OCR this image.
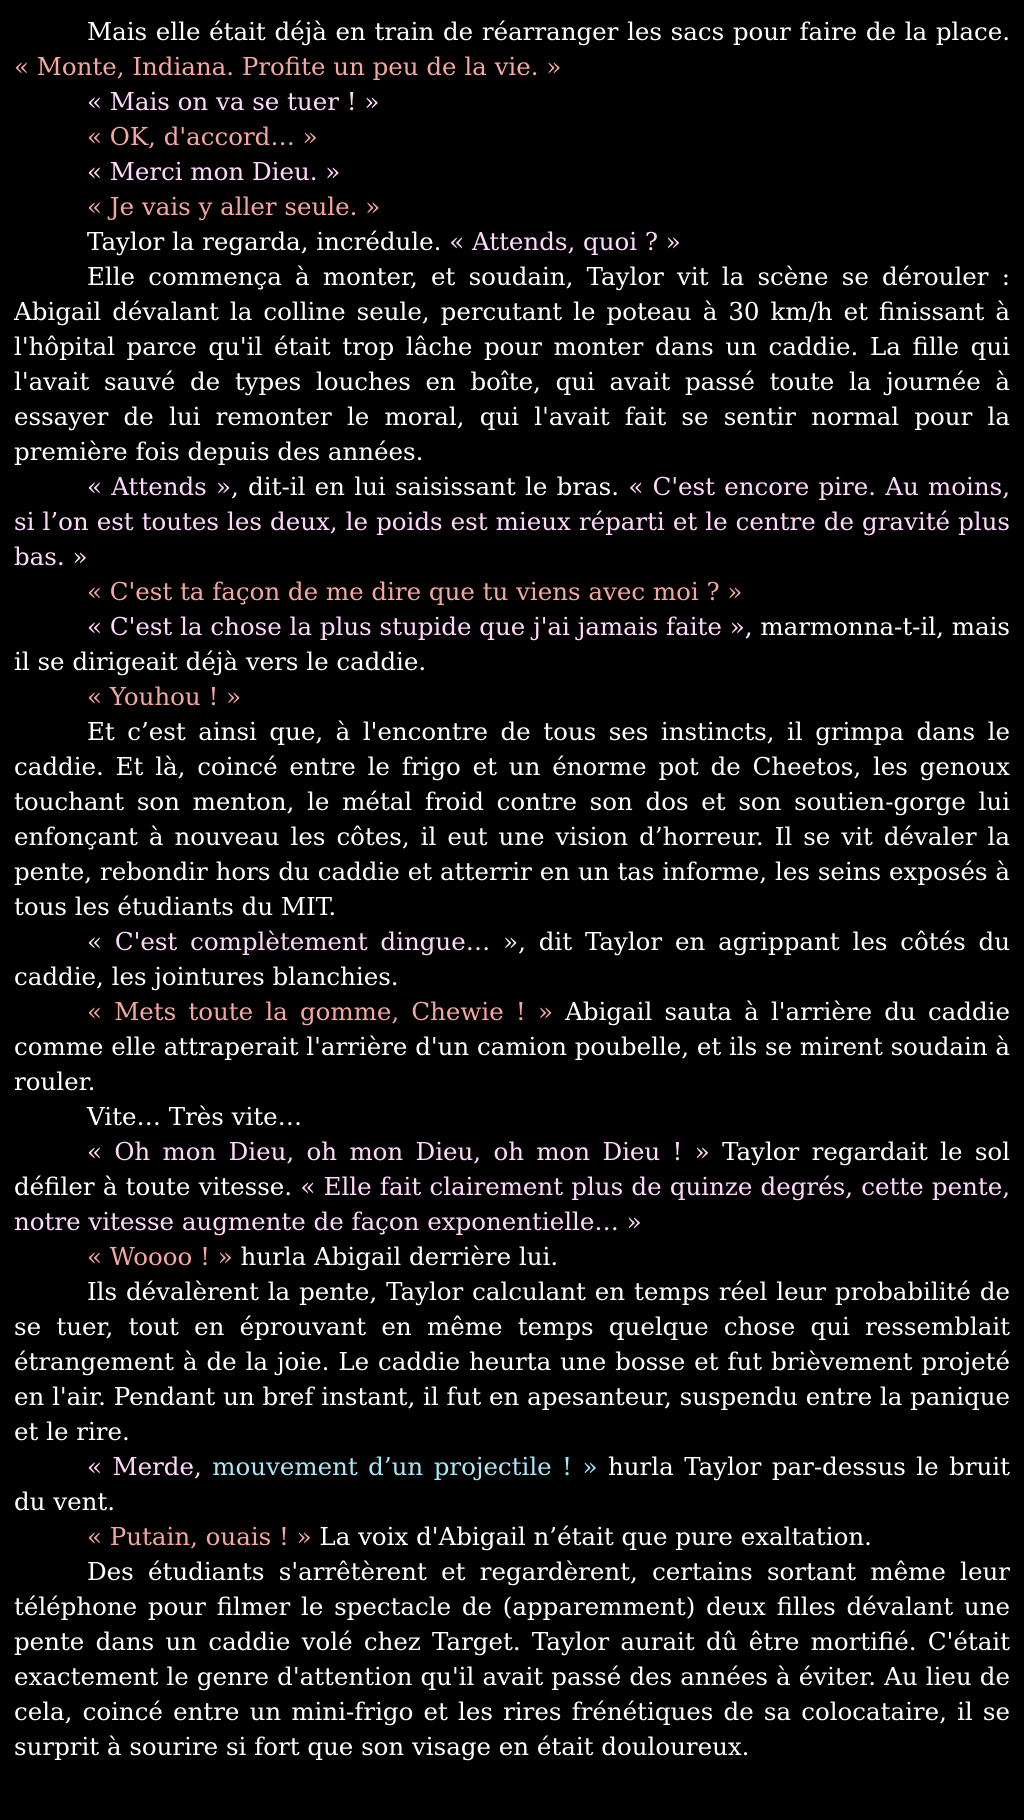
Mais elle était déjà en train de réarranger les sacs pour faire de la place. « Monte, Indiana. Profite un peu de la vie. »

« Mais on va se tuer ! »

« OK, d'accord… »

« Merci mon Dieu. »

« Je vais y aller seule. »

Taylor la regarda, incrédule. « Attends, quoi ? »

Elle commença à monter, et soudain, Taylor vit la scène se dérouler : Abigail dévalant la colline seule, percutant le poteau à 30 km/h et finissant à l'hôpital parce qu'il était trop lâche pour monter dans un caddie. La fille qui l'avait sauvé de types louches en boîte, qui avait passé toute la journée à essayer de lui remonter le moral, qui l'avait fait se sentir normal pour la première fois depuis des années.

« Attends », dit-il en lui saisissant le bras. « C'est encore pire. Au moins, si l’on est toutes les deux, le poids est mieux réparti et le centre de gravité plus bas. »

« C'est ta façon de me dire que tu viens avec moi ? »

« C'est la chose la plus stupide que j'ai jamais faite », marmonna-t-il, mais il se dirigeait déjà vers le caddie.

« Youhou ! »

Et c’est ainsi que, à l'encontre de tous ses instincts, il grimpa dans le caddie. Et là, coincé entre le frigo et un énorme pot de Cheetos, les genoux touchant son menton, le métal froid contre son dos et son soutien-gorge lui enfonçant à nouveau les côtes, il eut une vision d’horreur. Il se vit dévaler la pente, rebondir hors du caddie et atterrir en un tas informe, les seins exposés à tous les étudiants du MIT.

« C'est complètement dingue… », dit Taylor en agrippant les côtés du caddie, les jointures blanchies.

« Mets toute la gomme, Chewie ! » Abigail sauta à l'arrière du caddie comme elle attraperait l'arrière d'un camion poubelle, et ils se mirent soudain à rouler.

Vite… Très vite…

« Oh mon Dieu, oh mon Dieu, oh mon Dieu ! » Taylor regardait le sol défiler à toute vitesse. « Elle fait clairement plus de quinze degrés, cette pente, notre vitesse augmente de façon exponentielle… »

« Woooo ! » hurla Abigail derrière lui.

Ils dévalèrent la pente, Taylor calculant en temps réel leur probabilité de se tuer, tout en éprouvant en même temps quelque chose qui ressemblait étrangement à de la joie. Le caddie heurta une bosse et fut brièvement projeté en l'air. Pendant un bref instant, il fut en apesanteur, suspendu entre la panique et le rire.

« Merde, mouvement d’un projectile ! » hurla Taylor par-dessus le bruit du vent.

« Putain, ouais ! » La voix d'Abigail n’était que pure exaltation.

Des étudiants s'arrêtèrent et regardèrent, certains sortant même leur téléphone pour filmer le spectacle de (apparemment) deux filles dévalant une pente dans un caddie volé chez Target. Taylor aurait dû être mortifié. C'était exactement le genre d'attention qu'il avait passé des années à éviter. Au lieu de cela, coincé entre un mini-frigo et les rires frénétiques de sa colocataire, il se surprit à sourire si fort que son visage en était douloureux.
